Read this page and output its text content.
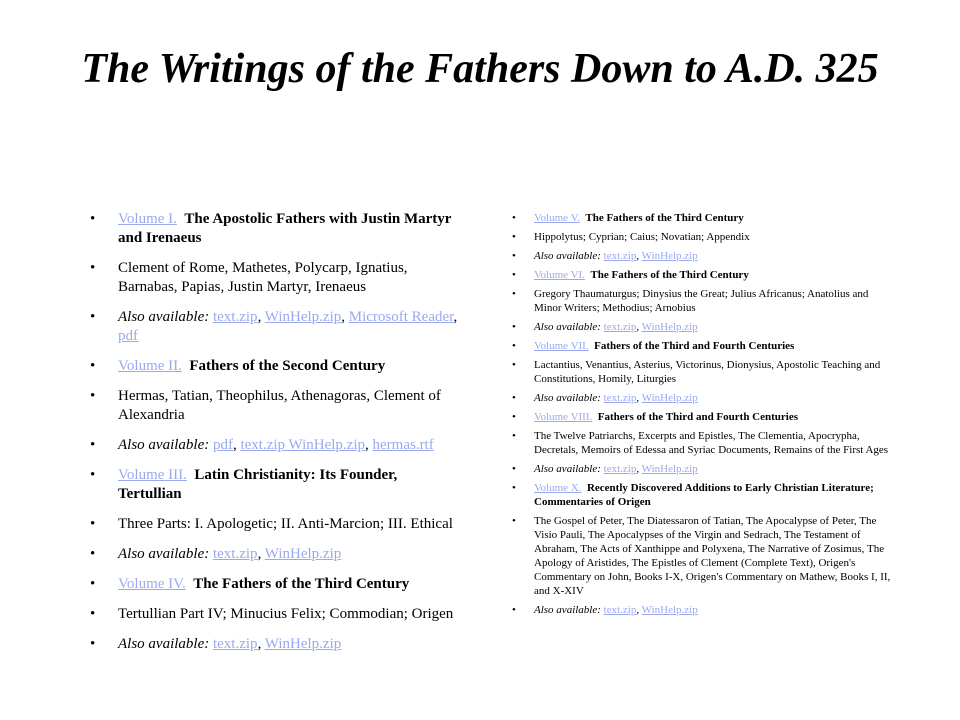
The Writings of the Fathers Down to A.D. 325
• Volume I. The Apostolic Fathers with Justin Martyr and Irenaeus
• Clement of Rome, Mathetes, Polycarp, Ignatius, Barnabas, Papias, Justin Martyr, Irenaeus
• Also available: text.zip, WinHelp.zip, Microsoft Reader, pdf
• Volume II. Fathers of the Second Century
• Hermas, Tatian, Theophilus, Athenagoras, Clement of Alexandria
• Also available: pdf, text.zip WinHelp.zip, hermas.rtf
• Volume III. Latin Christianity: Its Founder, Tertullian
• Three Parts: I. Apologetic; II. Anti-Marcion; III. Ethical
• Also available: text.zip, WinHelp.zip
• Volume IV. The Fathers of the Third Century
• Tertullian Part IV; Minucius Felix; Commodian; Origen
• Also available: text.zip, WinHelp.zip
• Volume V. The Fathers of the Third Century
• Hippolytus; Cyprian; Caius; Novatian; Appendix
• Also available: text.zip, WinHelp.zip
• Volume VI. The Fathers of the Third Century
• Gregory Thaumaturgus; Dinysius the Great; Julius Africanus; Anatolius and Minor Writers; Methodius; Arnobius
• Also available: text.zip, WinHelp.zip
• Volume VII. Fathers of the Third and Fourth Centuries
• Lactantius, Venantius, Asterius, Victorinus, Dionysius, Apostolic Teaching and Constitutions, Homily, Liturgies
• Also available: text.zip, WinHelp.zip
• Volume VIII. Fathers of the Third and Fourth Centuries
• The Twelve Patriarchs, Excerpts and Epistles, The Clementia, Apocrypha, Decretals, Memoirs of Edessa and Syriac Documents, Remains of the First Ages
• Also available: text.zip, WinHelp.zip
• Volume X. Recently Discovered Additions to Early Christian Literature; Commentaries of Origen
• The Gospel of Peter, The Diatessaron of Tatian, The Apocalypse of Peter, The Visio Pauli, The Apocalypses of the Virgin and Sedrach, The Testament of Abraham, The Acts of Xanthippe and Polyxena, The Narrative of Zosimus, The Apology of Aristides, The Epistles of Clement (Complete Text), Origen's Commentary on John, Books I-X, Origen's Commentary on Mathew, Books I, II, and X-XIV
• Also available: text.zip, WinHelp.zip
